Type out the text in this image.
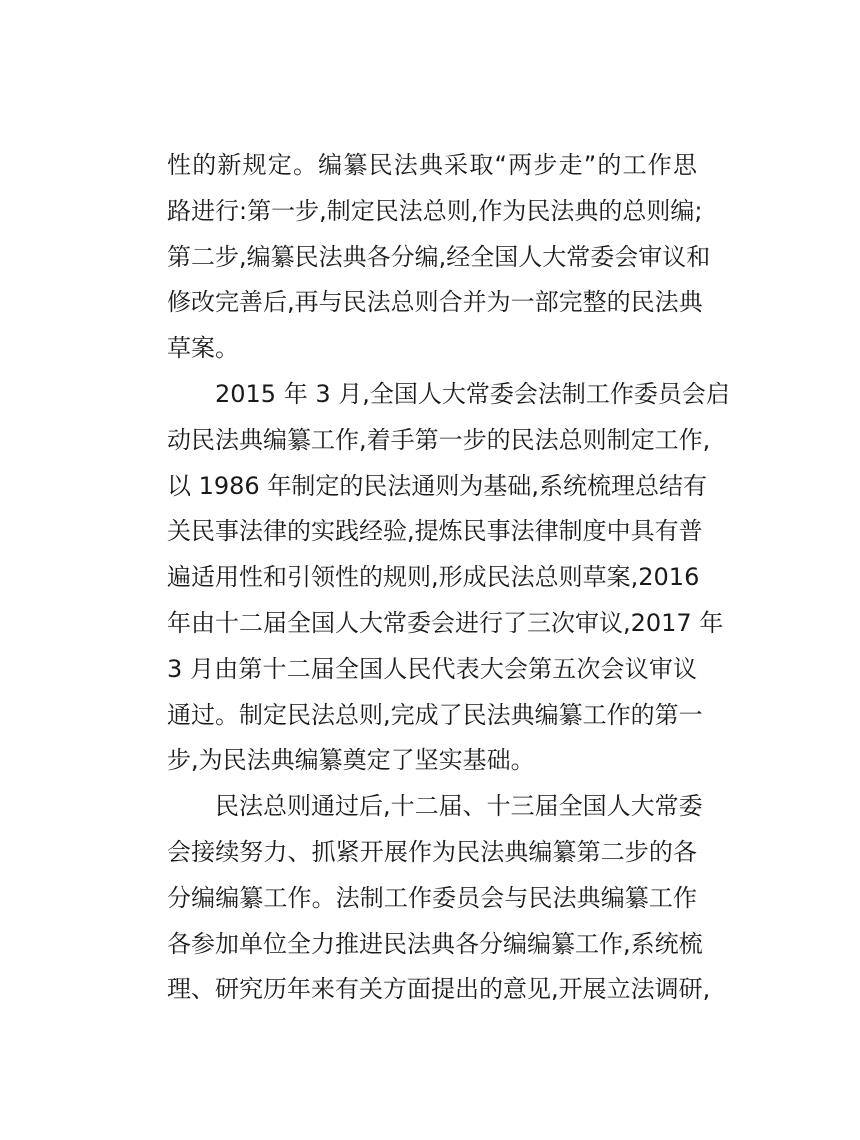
性的新规定。编纂民法典采取“两步走”的工作思
路进行:第一步,制定民法总则,作为民法典的总则编;
第二步,编纂民法典各分编,经全国人大常委会审议和
修改完善后,再与民法总则合并为一部完整的民法典
草案。
2015 年 3 月,全国人大常委会法制工作委员会启
动民法典编纂工作,着手第一步的民法总则制定工作,
以 1986 年制定的民法通则为基础,系统梳理总结有
关民事法律的实践经验,提炼民事法律制度中具有普
遍适用性和引领性的规则,形成民法总则草案,2016
年由十二届全国人大常委会进行了三次审议,2017 年
3 月由第十二届全国人民代表大会第五次会议审议
通过。制定民法总则,完成了民法典编纂工作的第一
步,为民法典编纂奠定了坚实基础。
民法总则通过后,十二届、十三届全国人大常委
会接续努力、抓紧开展作为民法典编纂第二步的各
分编编纂工作。法制工作委员会与民法典编纂工作
各参加单位全力推进民法典各分编编纂工作,系统梳
理、研究历年来有关方面提出的意见,开展立法调研,
